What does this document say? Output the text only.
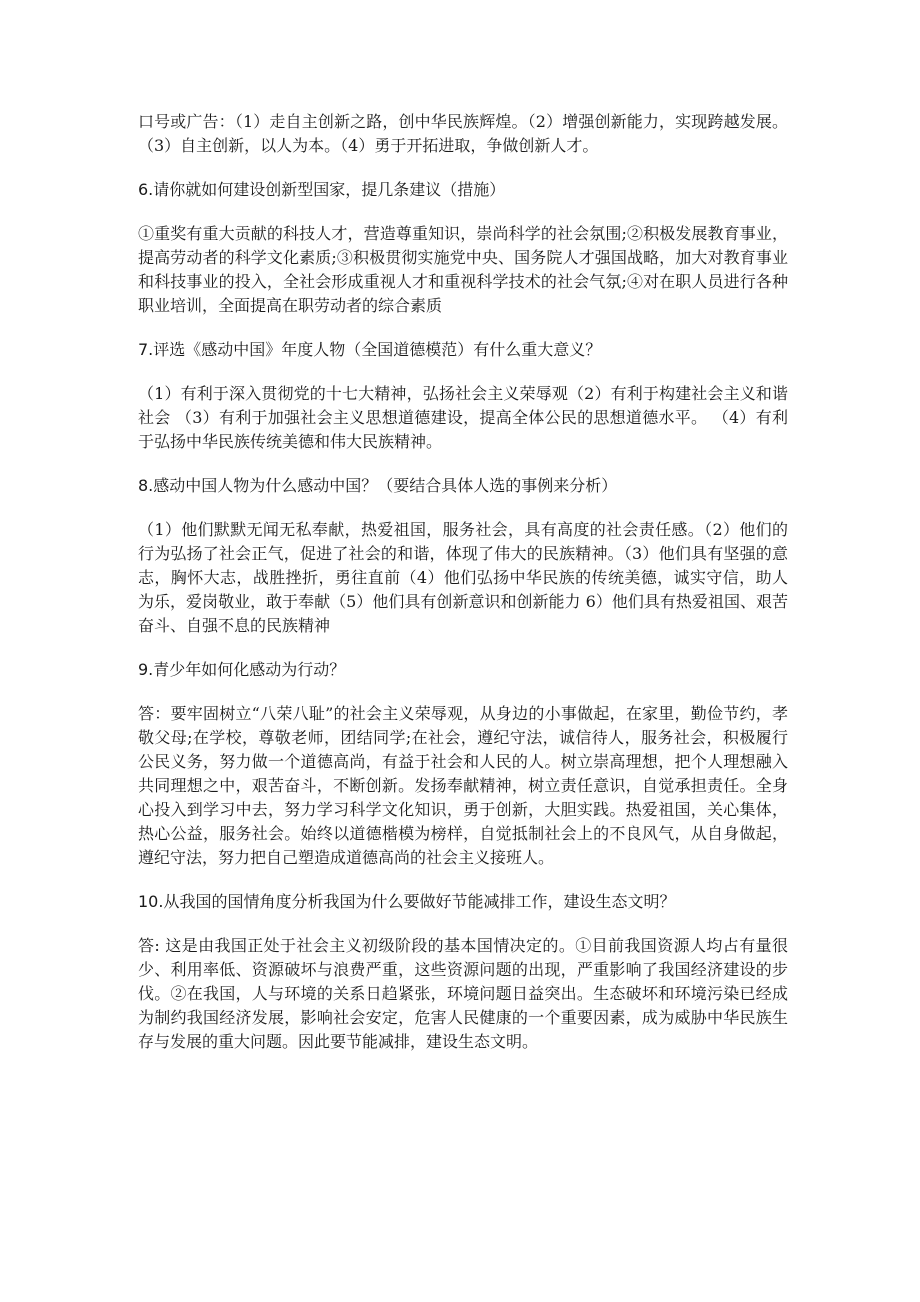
口号或广告：（1）走自主创新之路，创中华民族辉煌。（2）增强创新能力，实现跨越发展。（3）自主创新，以人为本。（4）勇于开拓进取，争做创新人才。

6.请你就如何建设创新型国家，提几条建议（措施）

①重奖有重大贡献的科技人才，营造尊重知识，崇尚科学的社会氛围;②积极发展教育事业，提高劳动者的科学文化素质;③积极贯彻实施党中央、国务院人才强国战略，加大对教育事业和科技事业的投入，全社会形成重视人才和重视科学技术的社会气氛;④对在职人员进行各种职业培训，全面提高在职劳动者的综合素质

7.评选《感动中国》年度人物（全国道德模范）有什么重大意义？

（1）有利于深入贯彻党的十七大精神，弘扬社会主义荣辱观（2）有利于构建社会主义和谐社会 （3）有利于加强社会主义思想道德建设，提高全体公民的思想道德水平。 （4）有利于弘扬中华民族传统美德和伟大民族精神。

8.感动中国人物为什么感动中国？（要结合具体人选的事例来分析）

（1）他们默默无闻无私奉献，热爱祖国，服务社会，具有高度的社会责任感。（2）他们的行为弘扬了社会正气，促进了社会的和谐，体现了伟大的民族精神。（3）他们具有坚强的意志，胸怀大志，战胜挫折，勇往直前（4）他们弘扬中华民族的传统美德，诚实守信，助人为乐，爱岗敬业，敢于奉献（5）他们具有创新意识和创新能力 6）他们具有热爱祖国、艰苦奋斗、自强不息的民族精神

9.青少年如何化感动为行动？

答：要牢固树立“八荣八耻”的社会主义荣辱观，从身边的小事做起，在家里，勤俭节约，孝敬父母;在学校，尊敬老师，团结同学;在社会，遵纪守法，诚信待人，服务社会，积极履行公民义务，努力做一个道德高尚，有益于社会和人民的人。树立崇高理想，把个人理想融入共同理想之中，艰苦奋斗，不断创新。发扬奉献精神，树立责任意识，自觉承担责任。全身心投入到学习中去，努力学习科学文化知识，勇于创新，大胆实践。热爱祖国，关心集体，热心公益，服务社会。始终以道德楷模为榜样，自觉抵制社会上的不良风气，从自身做起，遵纪守法，努力把自己塑造成道德高尚的社会主义接班人。

10.从我国的国情角度分析我国为什么要做好节能减排工作，建设生态文明？

答: 这是由我国正处于社会主义初级阶段的基本国情决定的。①目前我国资源人均占有量很少、利用率低、资源破坏与浪费严重，这些资源问题的出现，严重影响了我国经济建设的步伐。②在我国，人与环境的关系日趋紧张，环境问题日益突出。生态破坏和环境污染已经成为制约我国经济发展，影响社会安定，危害人民健康的一个重要因素，成为威胁中华民族生存与发展的重大问题。因此要节能减排，建设生态文明。
